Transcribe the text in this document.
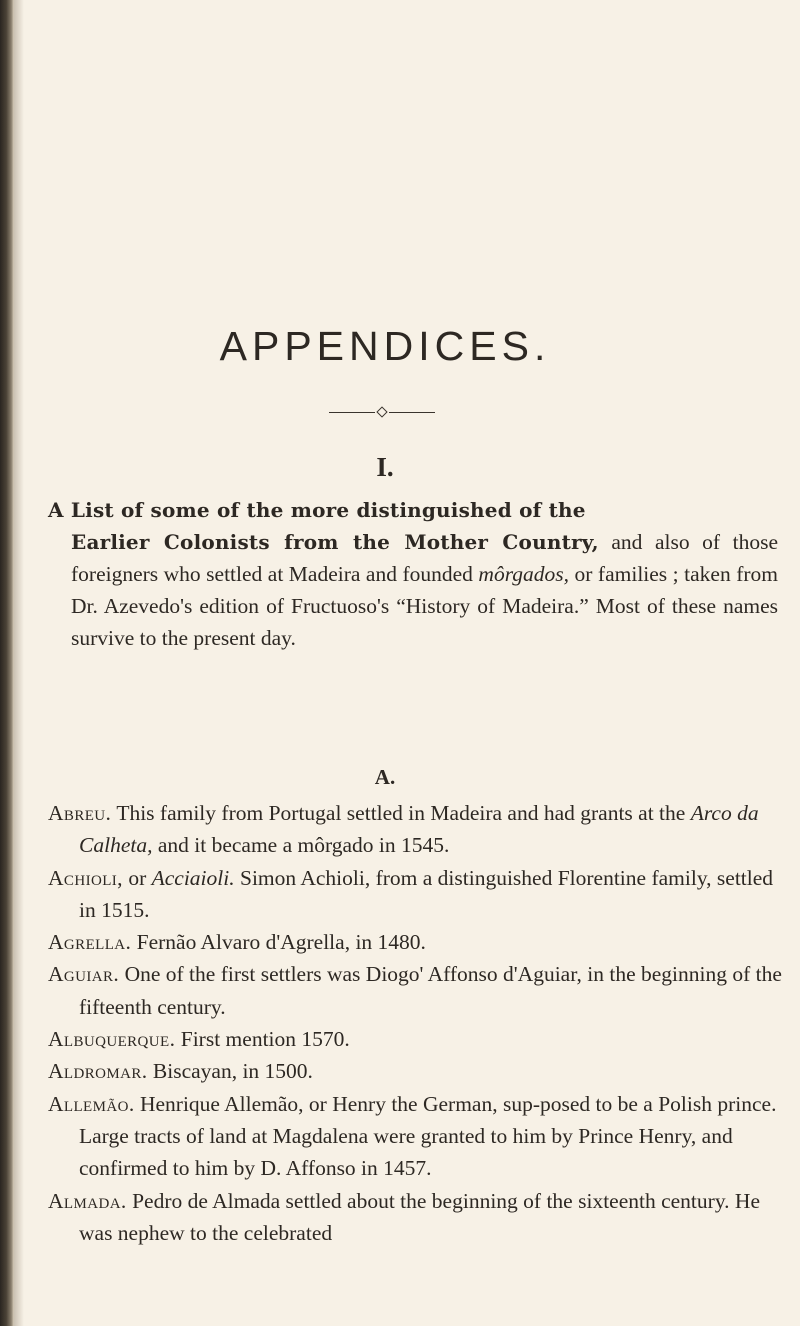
APPENDICES.
I.

A List of some of the more distinguished of the
Earlier Colonists from the Mother Country, and also of those foreigners who settled at Madeira and founded môrgados, or families ; taken from Dr. Azevedo's edition of Fructuoso's “History of Madeira.” Most of these names survive to the present day.

A.
Abreu. This family from Portugal settled in Madeira and had grants at the Arco da Calheta, and it became a môrgado in 1545.
Achioli, or Acciaioli. Simon Achioli, from a distinguished Florentine family, settled in 1515.
Agrella. Fernão Alvaro d'Agrella, in 1480.
Aguiar. One of the first settlers was Diogo' Affonso d'Aguiar, in the beginning of the fifteenth century.
Albuquerque. First mention 1570.
Aldromar. Biscayan, in 1500.
Allemão. Henrique Allemão, or Henry the German, sup-posed to be a Polish prince. Large tracts of land at Magdalena were granted to him by Prince Henry, and confirmed to him by D. Affonso in 1457.
Almada. Pedro de Almada settled about the beginning of the sixteenth century. He was nephew to the celebrated
